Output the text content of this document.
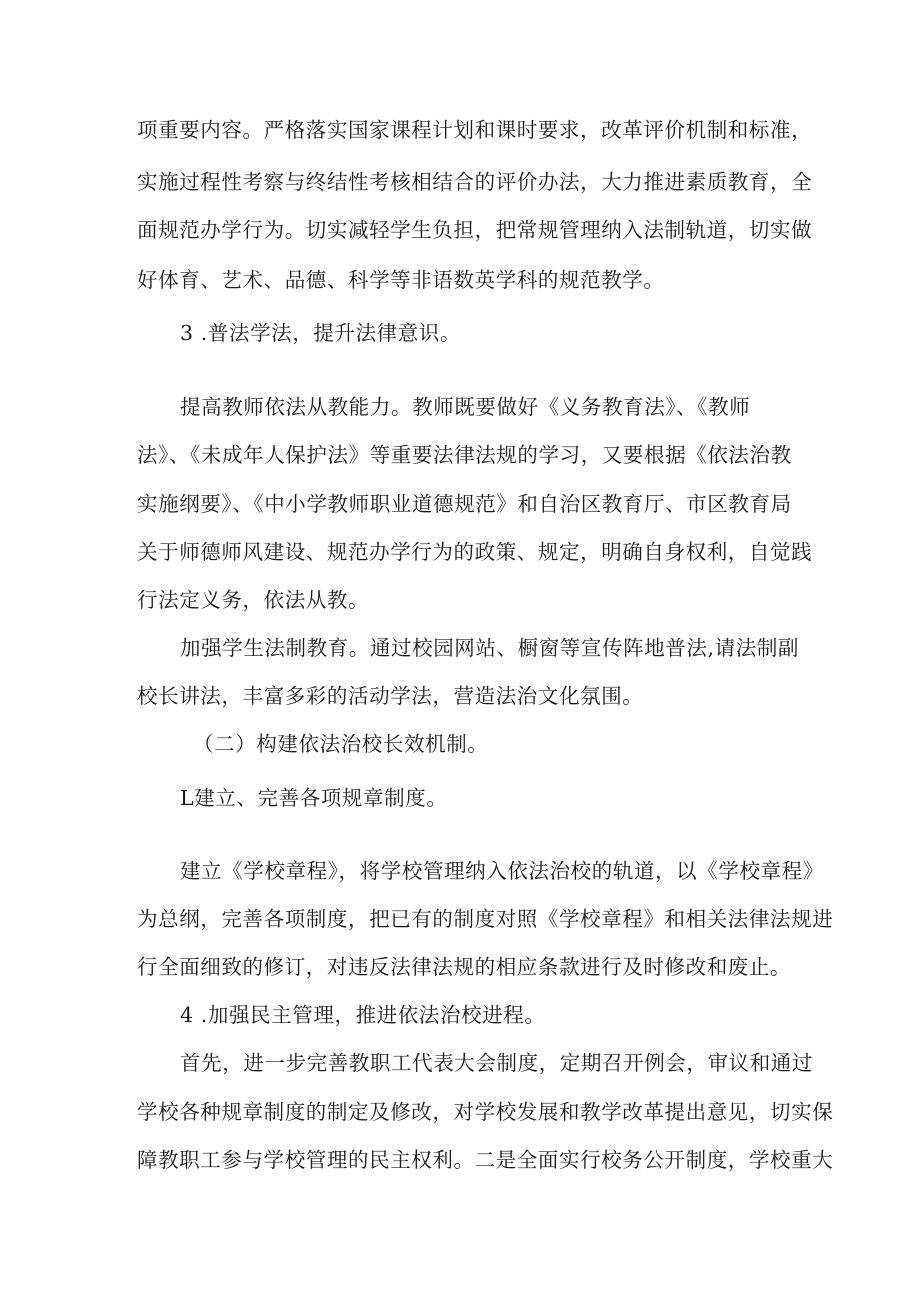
项重要内容。严格落实国家课程计划和课时要求，改革评价机制和标准，
实施过程性考察与终结性考核相结合的评价办法，大力推进素质教育，全
面规范办学行为。切实减轻学生负担，把常规管理纳入法制轨道，切实做
好体育、艺术、品德、科学等非语数英学科的规范教学。
3 .普法学法，提升法律意识。
提高教师依法从教能力。教师既要做好《义务教育法》、《教师
法》、《未成年人保护法》等重要法律法规的学习，又要根据《依法治教
实施纲要》、《中小学教师职业道德规范》和自治区教育厅、市区教育局
关于师德师风建设、规范办学行为的政策、规定，明确自身权利，自觉践
行法定义务，依法从教。
加强学生法制教育。通过校园网站、橱窗等宣传阵地普法,请法制副
校长讲法，丰富多彩的活动学法，营造法治文化氛围。
（二）构建依法治校长效机制。
L建立、完善各项规章制度。
建立《学校章程》，将学校管理纳入依法治校的轨道，以《学校章程》
为总纲，完善各项制度，把已有的制度对照《学校章程》和相关法律法规进
行全面细致的修订，对违反法律法规的相应条款进行及时修改和废止。
4 .加强民主管理，推进依法治校进程。
首先，进一步完善教职工代表大会制度，定期召开例会，审议和通过
学校各种规章制度的制定及修改，对学校发展和教学改革提出意见，切实保
障教职工参与学校管理的民主权利。二是全面实行校务公开制度，学校重大
